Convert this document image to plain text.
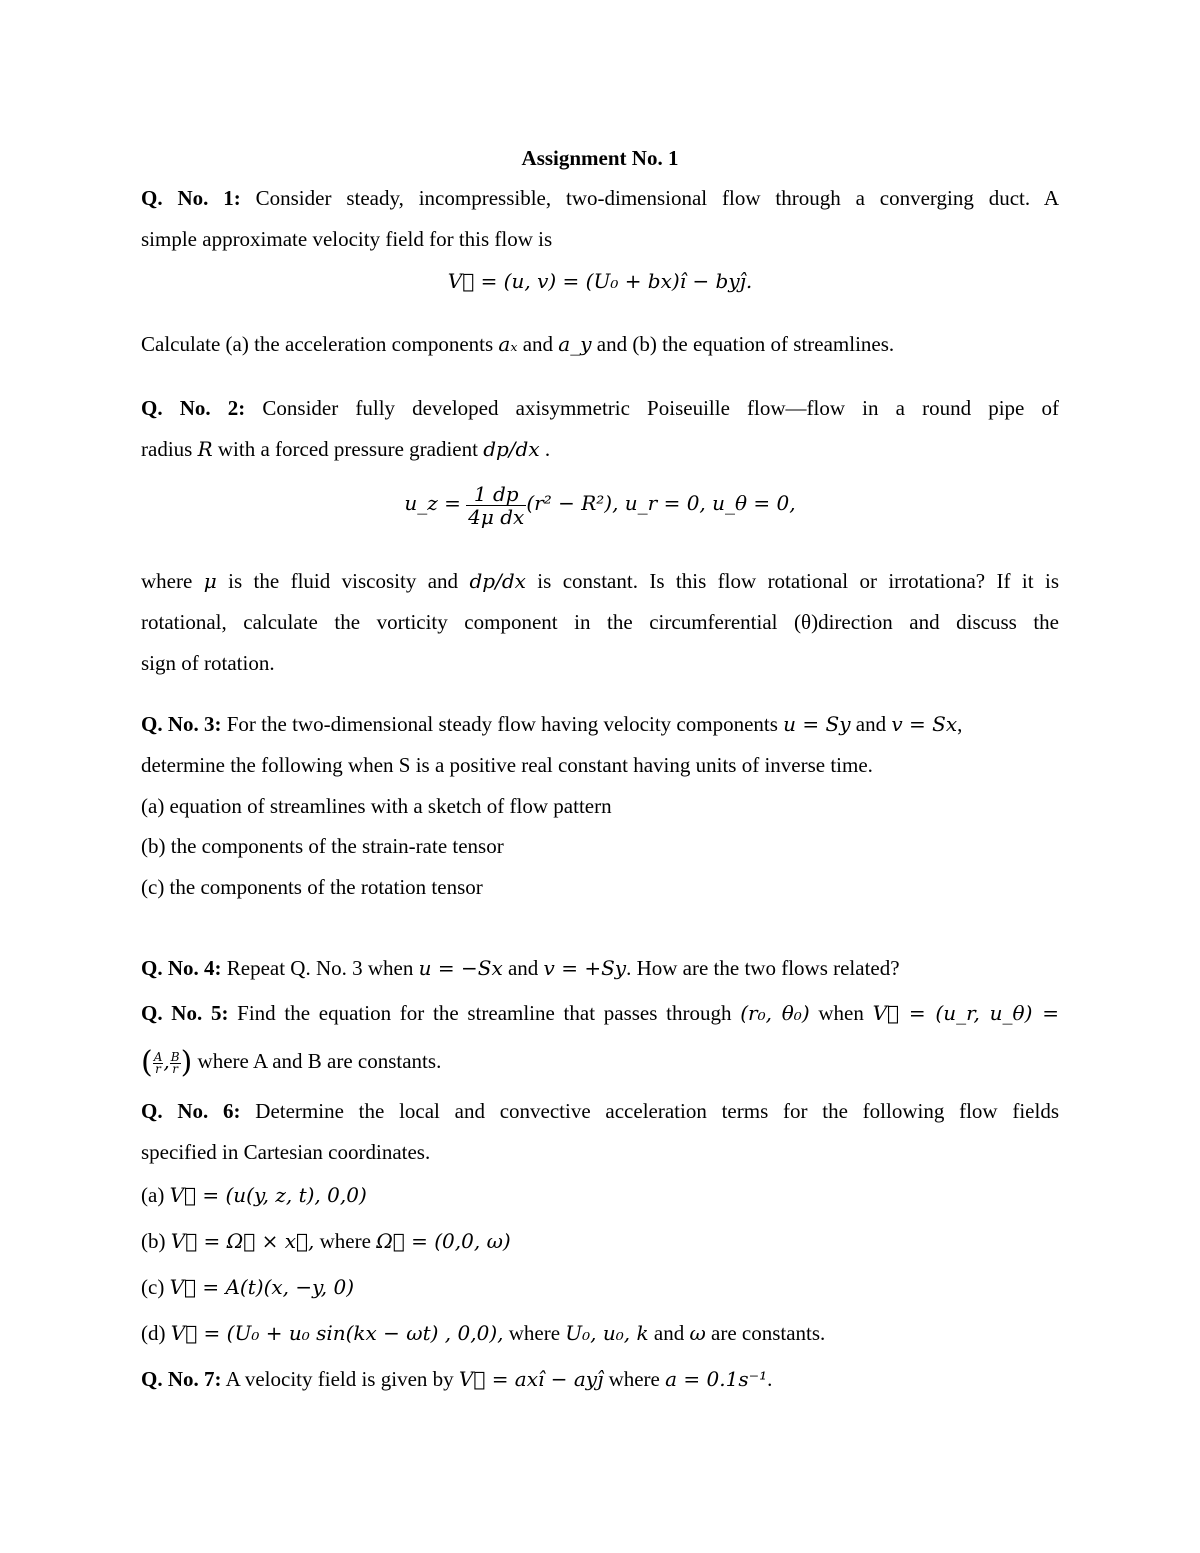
Assignment No. 1
Q. No. 1: Consider steady, incompressible, two-dimensional flow through a converging duct. A
simple approximate velocity field for this flow is
V⃗ = (u, v) = (U₀ + bx)î − byĵ.
Calculate (a) the acceleration components aₓ and a_y and (b) the equation of streamlines.
Q. No. 2: Consider fully developed axisymmetric Poiseuille flow—flow in a round pipe of
radius R with a forced pressure gradient dp/dx .
u_z = $\frac{1 dp}{\text{4μ dx}} (r^2 - R^2)$, u_r = 0, u_θ = 0,
where μ is the fluid viscosity and dp/dx is constant. Is this flow rotational or irrotationa? If it is
rotational, calculate the vorticity component in the circumferential (θ)direction and discuss the
sign of rotation.
Q. No. 3: For the two-dimensional steady flow having velocity components u = Sy and v = Sx,
determine the following when S is a positive real constant having units of inverse time.
(a) equation of streamlines with a sketch of flow pattern
(b) the components of the strain-rate tensor
(c) the components of the rotation tensor
Q. No. 4: Repeat Q. No. 3 when u = −Sx and v = +Sy. How are the two flows related?
Q. No. 5: Find the equation for the streamline that passes through (r₀, θ₀) when V⃗ = (u_r, u_θ) =
( $\frac{A}{r}$ , $\frac{B}{r}$ ) where A and B are constants.
Q. No. 6: Determine the local and convective acceleration terms for the following flow fields
specified in Cartesian coordinates.
(a) V⃗ = (u(y, z, t), 0,0)
(b) V⃗ = Ω⃗ × x⃗, where Ω⃗ = (0,0, ω)
(c) V⃗ = A(t)(x, −y, 0)
(d) V⃗ = (U₀ + u₀ sin(kx − ωt) , 0,0), where U₀, u₀, k and ω are constants.
Q. No. 7: A velocity field is given by V⃗ = axî − ayĵ where a = 0.1s⁻¹.
